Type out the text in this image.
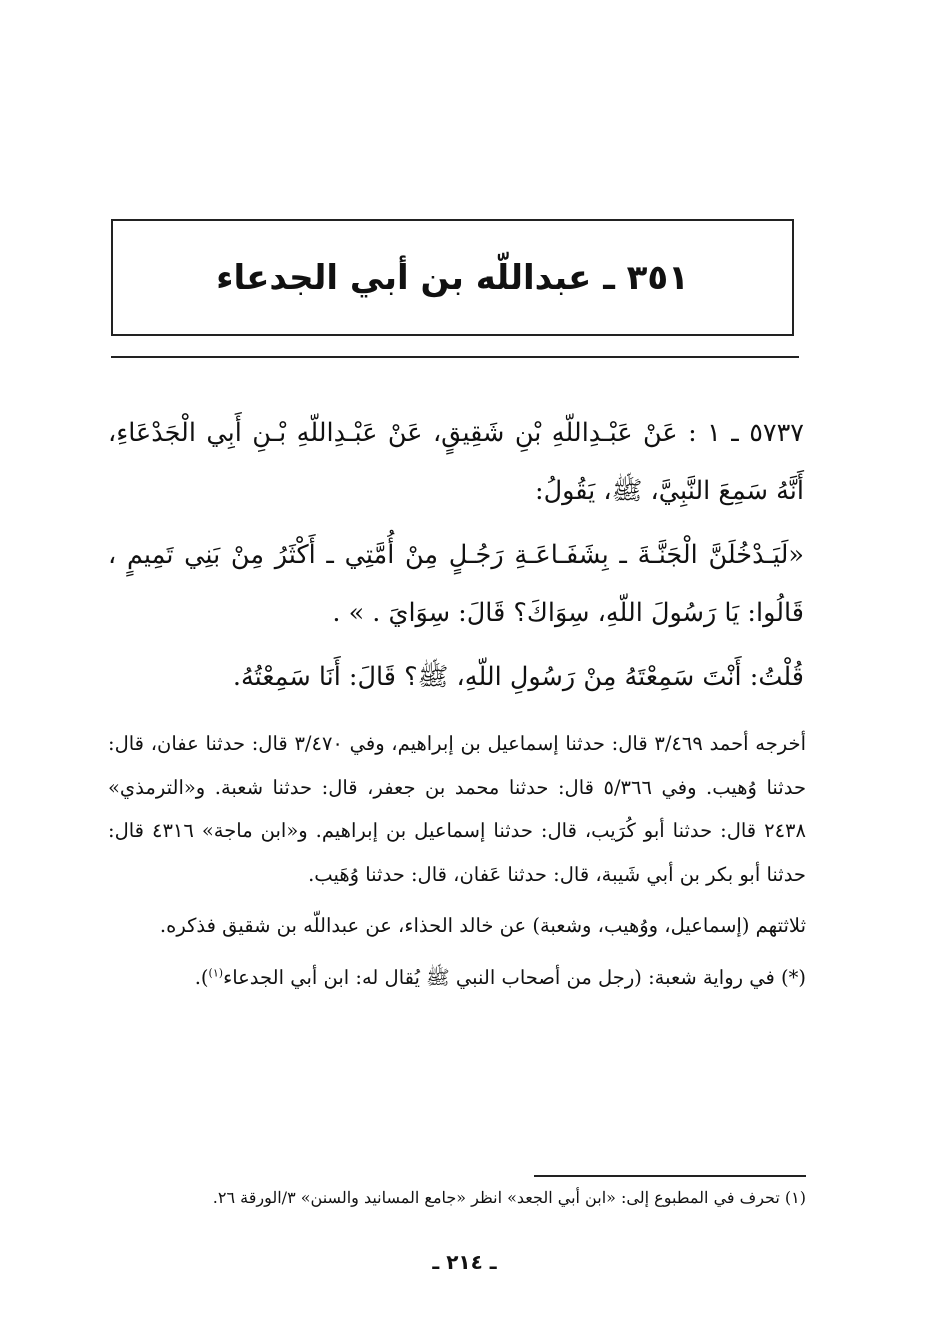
٣٥١ ـ عبداللّه بن أبي الجدعاء

٥٧٣٧ ـ ١ : عَنْ عَبْـدِاللّهِ بْنِ شَقِيقٍ، عَنْ عَبْـدِاللّهِ بْـنِ أَبِي الْجَدْعَاءِ، أَنَّهُ سَمِعَ النَّبِيَّ، ﷺ، يَقُولُ:

«لَيَـدْخُلَنَّ الْجَنَّـةَ ـ بِشَفَـاعَـةِ رَجُـلٍ مِنْ أُمَّتِي ـ أَكْثَرُ مِنْ بَنِي تَمِيمٍ ، قَالُوا: يَا رَسُولَ اللّهِ، سِوَاكَ؟ قَالَ: سِوَايَ . » .

قُلْتُ: أَنْتَ سَمِعْتَهُ مِنْ رَسُولِ اللّهِ، ﷺ؟ قَالَ: أَنَا سَمِعْتُهُ.

أخرجه أحمد ٣/٤٦٩ قال: حدثنا إسماعيل بن إبراهيم، وفي ٣/٤٧٠ قال: حدثنا عفان، قال: حدثنا وُهيب. وفي ٥/٣٦٦ قال: حدثنا محمد بن جعفر، قال: حدثنا شعبة. و«الترمذي» ٢٤٣٨ قال: حدثنا أبو كُرَيب، قال: حدثنا إسماعيل بن إبراهيم. و«ابن ماجة» ٤٣١٦ قال: حدثنا أبو بكر بن أبي شَيبة، قال: حدثنا عَفان، قال: حدثنا وُهَيب.

ثلاثتهم (إسماعيل، ووُهيب، وشعبة) عن خالد الحذاء، عن عبداللّه بن شقيق فذكره.

(*) في رواية شعبة: (رجل من أصحاب النبي ﷺ يُقال له: ابن أبي الجدعاء$^{(١)}$).

(١) تحرف في المطبوع إلى: «ابن أبي الجعد» انظر «جامع المسانيد والسنن» ٣/الورقة ٢٦.
ـ ٢١٤ ـ
